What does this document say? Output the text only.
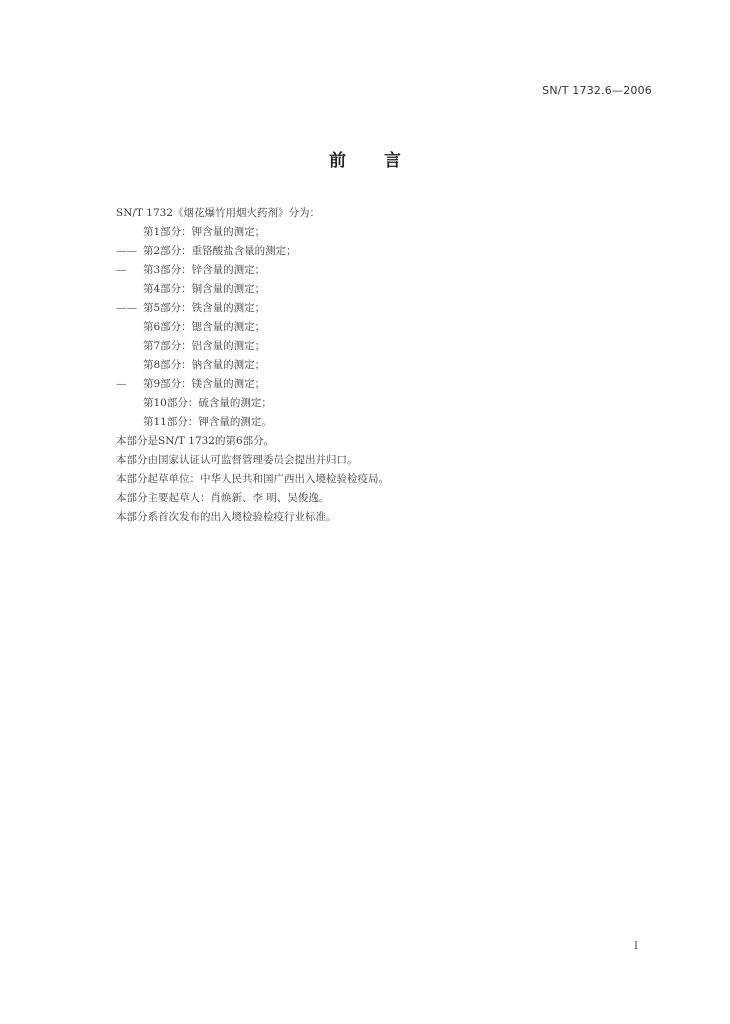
SN/T 1732.6—2006
前言
SN/T 1732《烟花爆竹用烟火药剂》分为：
第1部分：钾含量的测定；
—— 第2部分：重铬酸盐含量的测定；
— 第3部分：锌含量的测定；
第4部分：铜含量的测定；
—— 第5部分：铁含量的测定；
第6部分：锶含量的测定；
第7部分：铝含量的测定；
第8部分：钠含量的测定；
— 第9部分：镁含量的测定；
第10部分：硫含量的测定；
第11部分：钾含量的测定。
本部分是SN/T 1732的第6部分。
本部分由国家认证认可监督管理委员会提出并归口。
本部分起草单位：中华人民共和国广西出入境检验检疫局。
本部分主要起草人：肖焕新、李 明、吴俊逸。
本部分系首次发布的出入境检验检疫行业标准。
I
